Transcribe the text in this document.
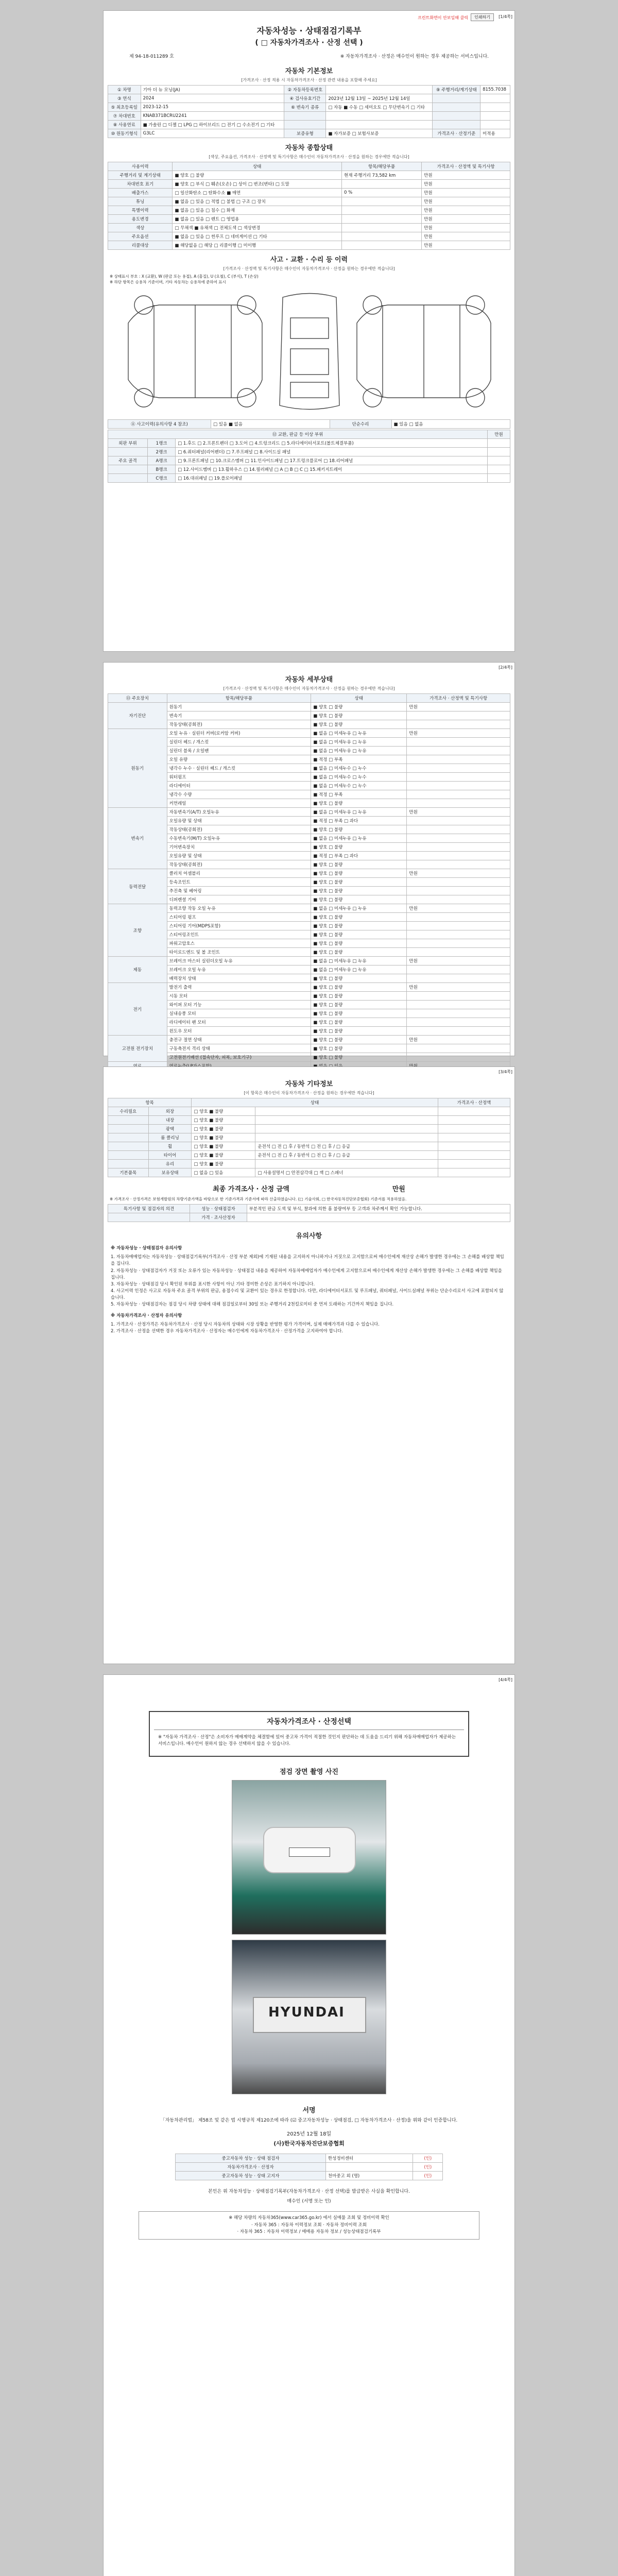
프린트화면이 안보일때 클릭	인쇄하기	[1/4쪽]
자동차성능 · 상태점검기록부
( □ 자동차가격조사 · 산정 선택 )
제 94-18-011289 호	※ 자동차가격조사 · 산정은 매수인이 원하는 경우 제공하는 서비스입니다.
자동차 기본정보
[가격조사 · 산정 적용 시 자동차가격조사 · 산정 관련 내용을 포함해 주세요]
① 차명	기아 더 뉴 모닝(JA)	② 자동차등록번호		⑨ 주행거리/계기상태	8155.7038
③ 연식	2024	④ 검사유효기간	2023년 12월 13일 ~ 2025년 12월 14일		
⑤ 최초등록일	2023-12-15	⑥ 변속기 종류	□ 자동 ■ 수동 □ 세미오토 □ 무단변속기 □ 기타		
⑦ 차대번호	KNAB371BCRU2241				
⑧ 사용연료	■ 가솔린 □ 디젤 □ LPG □ 하이브리드 □ 전기 □ 수소전기 □ 기타				
⑩ 원동기형식	G3LC	보증유형	■ 자가보증 □ 보험사보증	가격조사 · 산정기준	미적용
자동차 종합상태
[색상, 주요옵션, 가격조사 · 산정액 및 특기사항은 매수인이 자동차가격조사 · 산정을 원하는 경우에만 적습니다]
사용이력	상태	항목/해당부품	가격조사 · 산정액 및 특기사항
주행거리 및 계기상태	■ 양호 □ 불량	현재 주행거리 73,582 km	만원
차대번호 표기	■ 양호 □ 부식 □ 훼손(오손) □ 상이 □ 변조(변타) □ 도말		만원
배출가스	□ 일산화탄소 □ 탄화수소 ■ 매연	0 %	만원
튜닝	■ 없음 □ 있음 □ 적법 □ 불법 □ 구조 □ 장치		만원
특별이력	■ 없음 □ 있음 □ 침수 □ 화재		만원
용도변경	■ 없음 □ 있음 □ 렌트 □ 영업용		만원
색상	□ 무채색 ■ 유채색 □ 전체도색 □ 색상변경		만원
주요옵션	■ 없음 □ 있음 □ 썬루프 □ 네비게이션 □ 기타		만원
리콜대상	■ 해당없음 □ 해당 □ 리콜이행 □ 미이행		만원
사고 · 교환 · 수리 등 이력
[가격조사 · 산정액 및 특기사항은 매수인이 자동차가격조사 · 산정을 원하는 경우에만 적습니다]
※ 상태표시 부호 : X (교환), W (판금 또는 용접), A (흠집), U (요철), C (부식), T (손상)
※ 하단 항목은 승용차 기준이며, 기타 자동차는 승용차에 준하여 표시
⑪ 사고이력(유의사항 4 참조)	□ 있음 ■ 없음	단순수리	■ 있음 □ 없음
⑫ 교환, 판금 등 이상 부위			만원
외판 부위	1랭크	□ 1.후드 □ 2.프론트펜더 □ 3.도어 □ 4.트렁크리드 □ 5.라디에이터서포트(볼트체결부품)	
	2랭크	□ 6.쿼터패널(리어펜더) □ 7.루프패널 □ 8.사이드실 패널	
주요 골격	A랭크	□ 9.프론트패널 □ 10.크로스멤버 □ 11.인사이드패널 □ 17.트렁크플로어 □ 18.리어패널	
	B랭크	□ 12.사이드멤버 □ 13.휠하우스 □ 14.필러패널 □ A □ B □ C □ 15.패키지트레이	
	C랭크	□ 16.대쉬패널 □ 19.플로어패널	
[2/4쪽]
자동차 세부상태
[가격조사 · 산정액 및 특기사항은 매수인이 자동차가격조사 · 산정을 원하는 경우에만 적습니다]
⑬ 주요장치	항목/해당부품	상태	가격조사 · 산정액 및 특기사항
자기진단	원동기	■ 양호 □ 불량	만원
	변속기	■ 양호 □ 불량	
	작동상태(공회전)	■ 양호 □ 불량	
원동기	오일 누유 · 실린더 커버(로커암 커버)	■ 없음 □ 미세누유 □ 누유	만원
	실린더 헤드 / 개스킷	■ 없음 □ 미세누유 □ 누유	
	실린더 블록 / 오일팬	■ 없음 □ 미세누유 □ 누유	
	오일 유량	■ 적정 □ 부족	
	냉각수 누수 · 실린더 헤드 / 개스킷	■ 없음 □ 미세누수 □ 누수	
	워터펌프	■ 없음 □ 미세누수 □ 누수	
	라디에이터	■ 없음 □ 미세누수 □ 누수	
	냉각수 수량	■ 적정 □ 부족	
	커먼레일	■ 양호 □ 불량	
변속기	자동변속기(A/T) 오일누유	■ 없음 □ 미세누유 □ 누유	만원
	오일유량 및 상태	■ 적정 □ 부족 □ 과다	
	작동상태(공회전)	■ 양호 □ 불량	
	수동변속기(M/T) 오일누유	■ 없음 □ 미세누유 □ 누유	
	기어변속장치	■ 양호 □ 불량	
	오일유량 및 상태	■ 적정 □ 부족 □ 과다	
	작동상태(공회전)	■ 양호 □ 불량	
동력전달	클러치 어셈블리	■ 양호 □ 불량	만원
	등속조인트	■ 양호 □ 불량	
	추진축 및 베어링	■ 양호 □ 불량	
	디퍼렌셜 기어	■ 양호 □ 불량	
조향	동력조향 작동 오일 누유	■ 없음 □ 미세누유 □ 누유	만원
	스티어링 펌프	■ 양호 □ 불량	
	스티어링 기어(MDPS포함)	■ 양호 □ 불량	
	스티어링조인트	■ 양호 □ 불량	
	파워고압호스	■ 양호 □ 불량	
	타이로드엔드 및 볼 조인트	■ 양호 □ 불량	
제동	브레이크 마스터 실린더오일 누유	■ 없음 □ 미세누유 □ 누유	만원
	브레이크 오일 누유	■ 없음 □ 미세누유 □ 누유	
	배력장치 상태	■ 양호 □ 불량	
전기	발전기 출력	■ 양호 □ 불량	만원
	시동 모터	■ 양호 □ 불량	
	와이퍼 모터 기능	■ 양호 □ 불량	
	실내송풍 모터	■ 양호 □ 불량	
	라디에이터 팬 모터	■ 양호 □ 불량	
	윈도우 모터	■ 양호 □ 불량	
고전원 전기장치	충전구 절연 상태	■ 양호 □ 불량	만원
	구동축전지 격리 상태	■ 양호 □ 불량	
	고전원전기배선 (접속단자, 피복, 보호기구)	■ 양호 □ 불량	

[3/4쪽]
자동차 기타정보
[이 항목은 매수인이 자동차가격조사 · 산정을 원하는 경우에만 적습니다]
항목		상태		가격조사 · 산정액
수리필요	외장	□ 양호 ■ 불량		
	내장	□ 양호 ■ 불량		
	광택	□ 양호 ■ 불량		
	룸 클리닝	□ 양호 ■ 불량		
	휠	□ 양호 ■ 불량	운전석 □ 전 □ 후 / 동반석 □ 전 □ 후 / □ 응급	
	타이어	□ 양호 ■ 불량	운전석 □ 전 □ 후 / 동반석 □ 전 □ 후 / □ 응급	
	유리	□ 양호 ■ 불량		
기본품목	보유상태	□ 없음 □ 있음	□ 사용설명서 □ 안전삼각대 □ 잭 □ 스패너	
최종 가격조사 · 산정 금액	만원
※ 가격조사 · 산정가격은 보험개발원의 차량기준가액을 바탕으로 한 기준가격과 기준서에 따라 산출하였습니다. (□ 기술사회, □ 한국자동차진단보증협회) 기준서를 적용하였음.
특기사항 및 점검자의 의견	성능 · 상태점검자	부분적인 판금 도색 및 부식, 찰과에 의한 흠 불량여부 등 고객과 차주께서 확인 가능합니다.
	가격 · 조사산정자	
유의사항
※ 자동차성능 · 상태점검자 유의사항
1. 자동차매매업자는 자동차성능 · 상태점검기록부(가격조사 · 산정 부분 제외)에 기재된 내용을 고지하지 아니하거나 거짓으로 고지함으로써 매수인에게 재산상 손해가 발생한 경우에는 그 손해를 배상할 책임을 집니다.
2. 자동차성능 · 상태점검자가 거짓 또는 오류가 있는 자동차성능 · 상태점검 내용을 제공하여 자동차매매업자가 매수인에게 고지함으로써 매수인에게 재산상 손해가 발생한 경우에는 그 손해를 배상할 책임을 집니다.
3. 자동차성능 · 상태점검 당시 확인된 부위를 표시한 사항이 아닌 기타 경미한 손상은 표기하지 아니합니다.
4. 사고이력 인정은 사고로 자동차 주요 골격 부위의 판금, 용접수리 및 교환이 있는 경우로 한정합니다. 다만, 라디에이터서포트 및 루프패널, 쿼터패널, 사이드실패널 부위는 단순수리로서 사고에 포함되지 않습니다.
5. 자동차성능 · 상태점검자는 점검 당시 차량 상태에 대해 점검일로부터 30일 또는 주행거리 2천킬로미터 중 먼저 도래하는 기간까지 책임을 집니다.
※ 자동차가격조사 · 산정자 유의사항
1. 가격조사 · 산정가격은 자동차가격조사 · 산정 당시 자동차의 상태와 시장 상황을 반영한 평가 가격이며, 실제 매매가격과 다를 수 있습니다.
2. 가격조사 · 산정을 선택한 경우 자동차가격조사 · 산정자는 매수인에게 자동차가격조사 · 산정가격을 고지하여야 합니다.
[4/4쪽]
자동차가격조사 · 산정선택
※ "자동차 가격조사 · 산정"은 소비자가 매매계약을 체결함에 있어 중고차 가격이 적절한 것인지 판단하는 데 도움을 드리기 위해 자동차매매업자가 제공하는 서비스입니다. 매수인이 원하지 않는 경우 선택하지 않을 수 있습니다.
점검 장면 촬영 사진
HYUNDAI
서명
「자동차관리법」 제58조 및 같은 법 시행규칙 제120조에 따라 (☑ 중고자동차성능 · 상태점검, □ 자동차가격조사 · 산정)을 위와 같이 인증합니다.
2025년 12월 18일
(사)한국자동차진단보증협회
중고자동차 성능 · 상태 점검자	한성정비센터	(인)
자동차가격조사 · 산정자		(인)
중고자동차 성능 · 상태 고지자	천마중고 외 (명)	(인)
본인은 위 자동차성능 · 상태점검기록부(자동차가격조사 · 산정 선택)를 발급받은 사실을 확인합니다.
매수인 (서명 또는 인)
※ 해당 차량의 자동차365(www.car365.go.kr) 에서 실매물 조회 및 정비이력 확인
· 자동차 365 : 자동차 이력정보 조회 · 자동차 정비이력 조회
· 자동차 365 : 자동차 이력정보 / 매매용 자동차 정보 / 성능상태점검기록부
